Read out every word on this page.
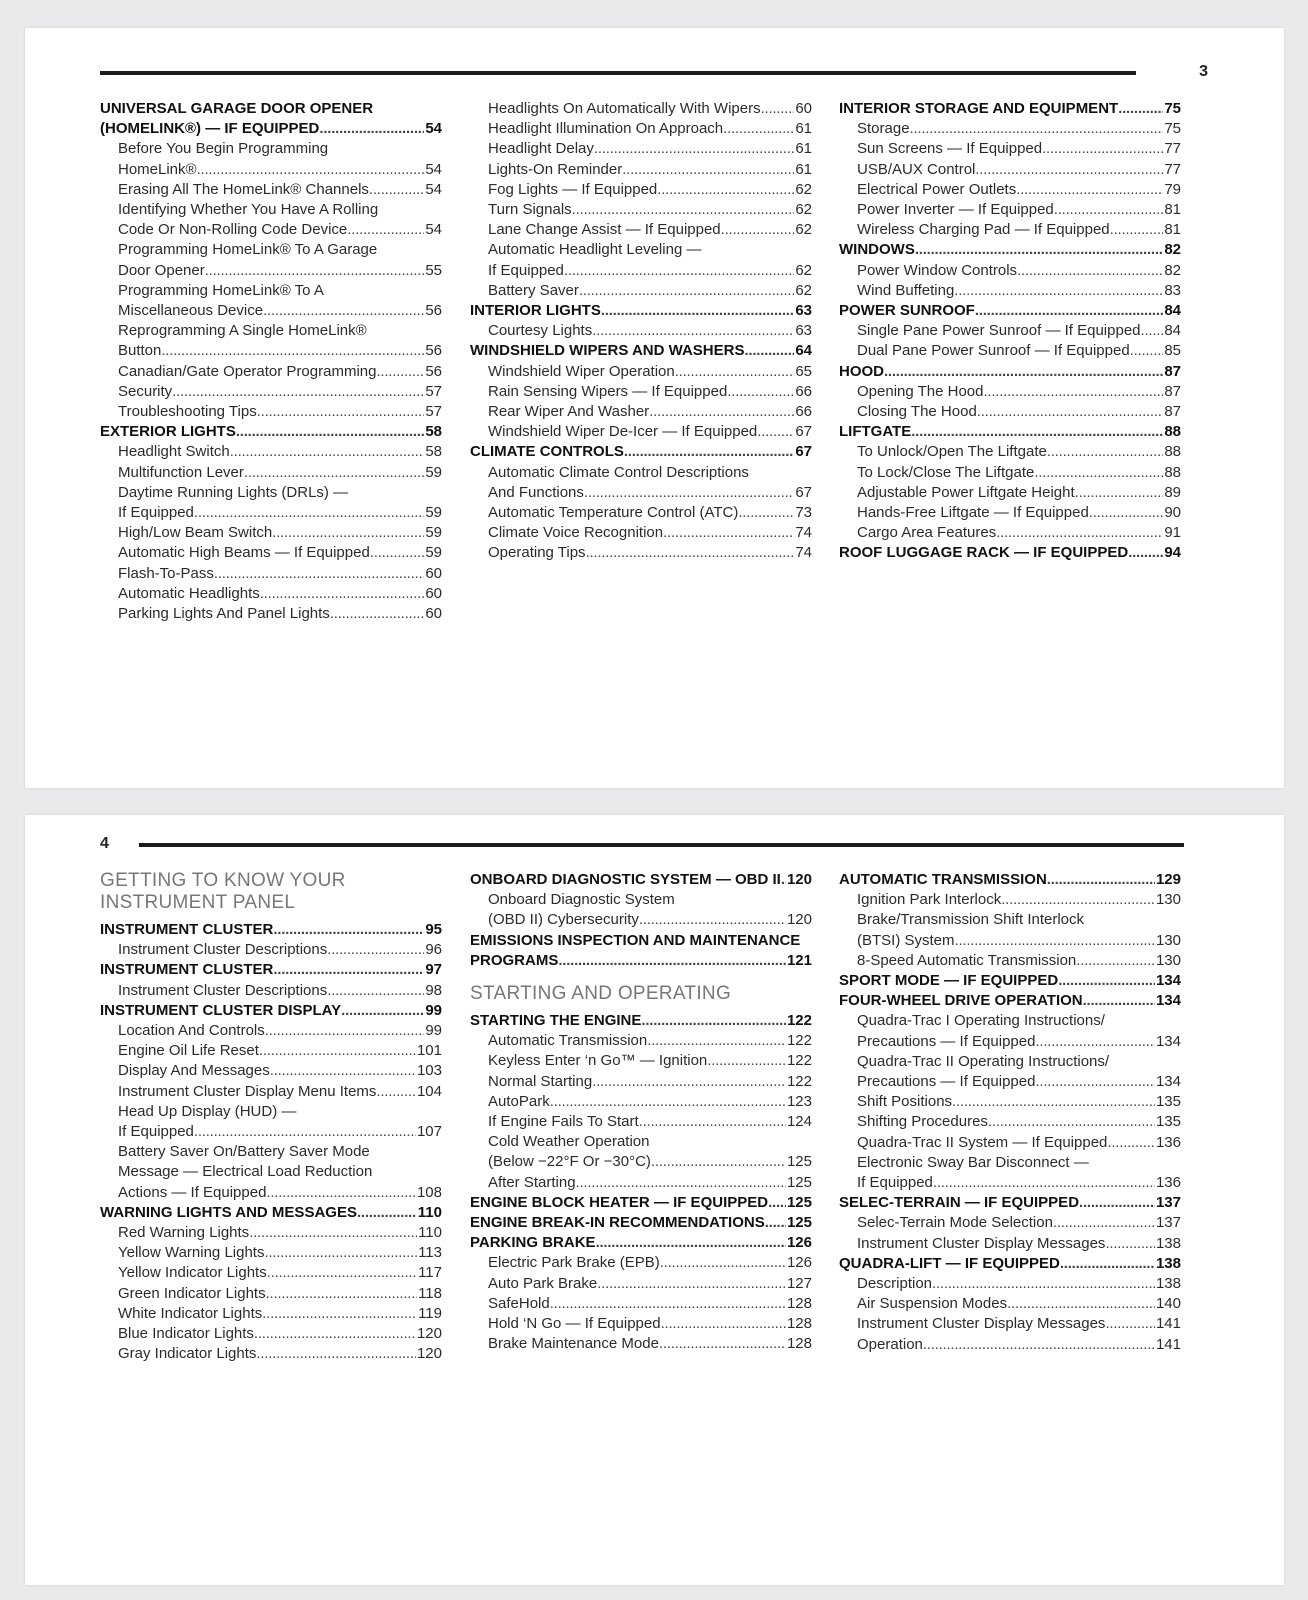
3
UNIVERSAL GARAGE DOOR OPENER
(HOMELINK®) — IF EQUIPPED . . .	54
Before You Begin Programming
HomeLink® . . .	54
Erasing All The HomeLink® Channels . . .	54
Identifying Whether You Have A Rolling
Code Or Non-Rolling Code Device . . .	54
Programming HomeLink® To A Garage
Door Opener . . .	55
Programming HomeLink® To A
Miscellaneous Device . . .	56
Reprogramming A Single HomeLink®
Button . . .	56
Canadian/Gate Operator Programming . . .	56
Security . . .	57
Troubleshooting Tips . . .	57
EXTERIOR LIGHTS . . .	58
Headlight Switch . . .	58
Multifunction Lever . . .	59
Daytime Running Lights (DRLs) —
If Equipped . . .	59
High/Low Beam Switch . . .	59
Automatic High Beams — If Equipped . . .	59
Flash-To-Pass . . .	60
Automatic Headlights . . .	60
Parking Lights And Panel Lights . . .	60
Headlights On Automatically With Wipers . . . 60
Headlight Illumination On Approach . . .	61
Headlight Delay . . .	61
Lights-On Reminder . . .	61
Fog Lights — If Equipped . . .	62
Turn Signals . . .	62
Lane Change Assist — If Equipped . . .	62
Automatic Headlight Leveling —
If Equipped . . .	62
Battery Saver . . .	62
INTERIOR LIGHTS . . .	63
Courtesy Lights . . .	63
WINDSHIELD WIPERS AND WASHERS . . .	64
Windshield Wiper Operation . . .	65
Rain Sensing Wipers — If Equipped . . .	66
Rear Wiper And Washer . . .	66
Windshield Wiper De-Icer — If Equipped . . .	67
CLIMATE CONTROLS . . .	67
Automatic Climate Control Descriptions
And Functions . . .	67
Automatic Temperature Control (ATC) . . .	73
Climate Voice Recognition . . .	74
Operating Tips . . .	74
INTERIOR STORAGE AND EQUIPMENT . . .	75
Storage . . .	75
Sun Screens — If Equipped . . .	77
USB/AUX Control . . .	77
Electrical Power Outlets . . .	79
Power Inverter — If Equipped . . .	81
Wireless Charging Pad — If Equipped . . .	81
WINDOWS . . .	82
Power Window Controls . . .	82
Wind Buffeting . . .	83
POWER SUNROOF . . .	84
Single Pane Power Sunroof — If Equipped . . . 84
Dual Pane Power Sunroof — If Equipped . . . 85
HOOD . . .	87
Opening The Hood . . .	87
Closing The Hood . . .	87
LIFTGATE . . .	88
To Unlock/Open The Liftgate . . .	88
To Lock/Close The Liftgate . . .	88
Adjustable Power Liftgate Height . . .	89
Hands-Free Liftgate — If Equipped . . .	90
Cargo Area Features . . .	91
ROOF LUGGAGE RACK — IF EQUIPPED . . . 94
4
GETTING TO KNOW YOUR INSTRUMENT PANEL
INSTRUMENT CLUSTER . . .	95
Instrument Cluster Descriptions . . .	96
INSTRUMENT CLUSTER . . .	97
Instrument Cluster Descriptions . . .	98
INSTRUMENT CLUSTER DISPLAY . . .	99
Location And Controls . . .	99
Engine Oil Life Reset . . .	101
Display And Messages . . .	103
Instrument Cluster Display Menu Items . . .	104
Head Up Display (HUD) —
If Equipped . . .	107
Battery Saver On/Battery Saver Mode
Message — Electrical Load Reduction
Actions — If Equipped . . .	108
WARNING LIGHTS AND MESSAGES . . .	110
Red Warning Lights . . .	110
Yellow Warning Lights . . .	113
Yellow Indicator Lights . . .	117
Green Indicator Lights . . .	118
White Indicator Lights . . .	119
Blue Indicator Lights . . .	120
Gray Indicator Lights . . .	120
ONBOARD DIAGNOSTIC SYSTEM — OBD II . . . 120
Onboard Diagnostic System
(OBD II) Cybersecurity . . .	120
EMISSIONS INSPECTION AND MAINTENANCE
PROGRAMS . . .	121
STARTING AND OPERATING
STARTING THE ENGINE . . .	122
Automatic Transmission . . .	122
Keyless Enter ‘n Go™ — Ignition . . .	122
Normal Starting . . .	122
AutoPark . . .	123
If Engine Fails To Start . . .	124
Cold Weather Operation
(Below −22°F Or −30°C) . . .	125
After Starting . . .	125
ENGINE BLOCK HEATER — IF EQUIPPED . . . 125
ENGINE BREAK-IN RECOMMENDATIONS . . . 125
PARKING BRAKE . . .	126
Electric Park Brake (EPB) . . .	126
Auto Park Brake . . .	127
SafeHold . . .	128
Hold ‘N Go — If Equipped . . .	128
Brake Maintenance Mode . . .	128
AUTOMATIC TRANSMISSION . . .	129
Ignition Park Interlock . . .	130
Brake/Transmission Shift Interlock
(BTSI) System . . .	130
8-Speed Automatic Transmission . . .	130
SPORT MODE — IF EQUIPPED . . .	134
FOUR-WHEEL DRIVE OPERATION . . .	134
Quadra-Trac I Operating Instructions/
Precautions — If Equipped . . .	134
Quadra-Trac II Operating Instructions/
Precautions — If Equipped . . .	134
Shift Positions . . .	135
Shifting Procedures . . .	135
Quadra-Trac II System — If Equipped . . .	136
Electronic Sway Bar Disconnect —
If Equipped . . .	136
SELEC-TERRAIN — IF EQUIPPED . . .	137
Selec-Terrain Mode Selection . . .	137
Instrument Cluster Display Messages . . .	138
QUADRA-LIFT — IF EQUIPPED . . .	138
Description . . .	138
Air Suspension Modes . . .	140
Instrument Cluster Display Messages . . .	141
Operation . . .	141
